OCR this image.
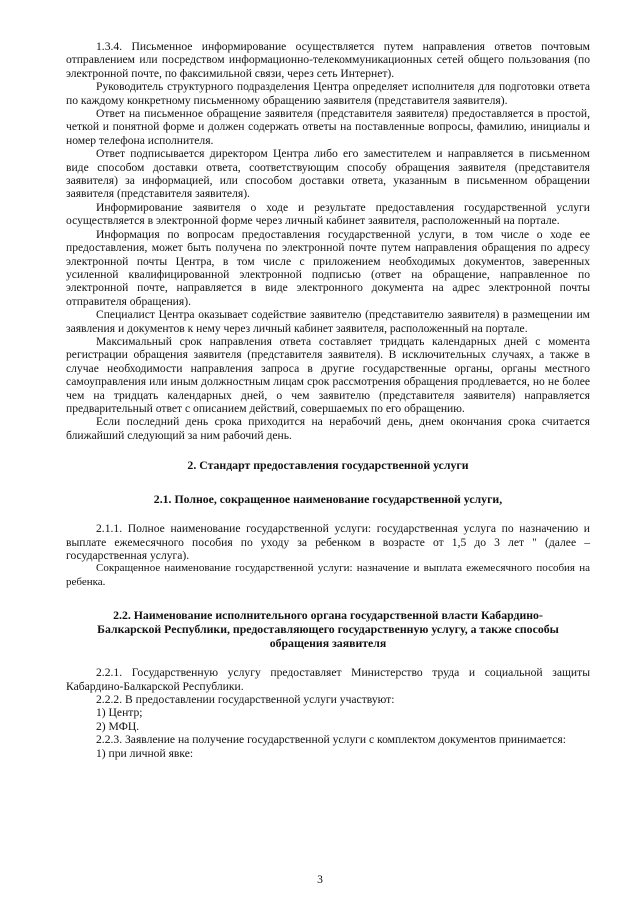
1.3.4. Письменное информирование осуществляется путем направления ответов почтовым отправлением или посредством информационно-телекоммуникационных сетей общего пользования (по электронной почте, по факсимильной связи, через сеть Интернет).

Руководитель структурного подразделения Центра определяет исполнителя для подготовки ответа по каждому конкретному письменному обращению заявителя (представителя заявителя).

Ответ на письменное обращение заявителя (представителя заявителя) предоставляется в простой, четкой и понятной форме и должен содержать ответы на поставленные вопросы, фамилию, инициалы и номер телефона исполнителя.

Ответ подписывается директором Центра либо его заместителем и направляется в письменном виде способом доставки ответа, соответствующим способу обращения заявителя (представителя заявителя) за информацией, или способом доставки ответа, указанным в письменном обращении заявителя (представителя заявителя).

Информирование заявителя о ходе и результате предоставления государственной услуги осуществляется в электронной форме через личный кабинет заявителя, расположенный на портале.

Информация по вопросам предоставления государственной услуги, в том числе о ходе ее предоставления, может быть получена по электронной почте путем направления обращения по адресу электронной почты Центра, в том числе с приложением необходимых документов, заверенных усиленной квалифицированной электронной подписью (ответ на обращение, направленное по электронной почте, направляется в виде электронного документа на адрес электронной почты отправителя обращения).

Специалист Центра оказывает содействие заявителю (представителю заявителя) в размещении им заявления и документов к нему через личный кабинет заявителя, расположенный на портале.

Максимальный срок направления ответа составляет тридцать календарных дней с момента регистрации обращения заявителя (представителя заявителя). В исключительных случаях, а также в случае необходимости направления запроса в другие государственные органы, органы местного самоуправления или иным должностным лицам срок рассмотрения обращения продлевается, но не более чем на тридцать календарных дней, о чем заявителю (представителя заявителя) направляется предварительный ответ с описанием действий, совершаемых по его обращению.

Если последний день срока приходится на нерабочий день, днем окончания срока считается ближайший следующий за ним рабочий день.

2. Стандарт предоставления государственной услуги

2.1. Полное, сокращенное наименование государственной услуги,

2.1.1. Полное наименование государственной услуги: государственная услуга по назначению и выплате ежемесячного пособия по уходу за ребенком в возрасте от 1,5 до 3 лет " (далее – государственная услуга).

Сокращенное наименование государственной услуги: назначение и выплата ежемесячного пособия на ребенка.

2.2. Наименование исполнительного органа государственной власти Кабардино-

Балкарской Республики, предоставляющего государственную услугу, а также способы

обращения заявителя

2.2.1. Государственную услугу предоставляет Министерство труда и социальной защиты Кабардино-Балкарской Республики.

2.2.2. В предоставлении государственной услуги участвуют:

1) Центр;

2) МФЦ.

2.2.3. Заявление на получение государственной услуги с комплектом документов принимается:

1) при личной явке:

3
